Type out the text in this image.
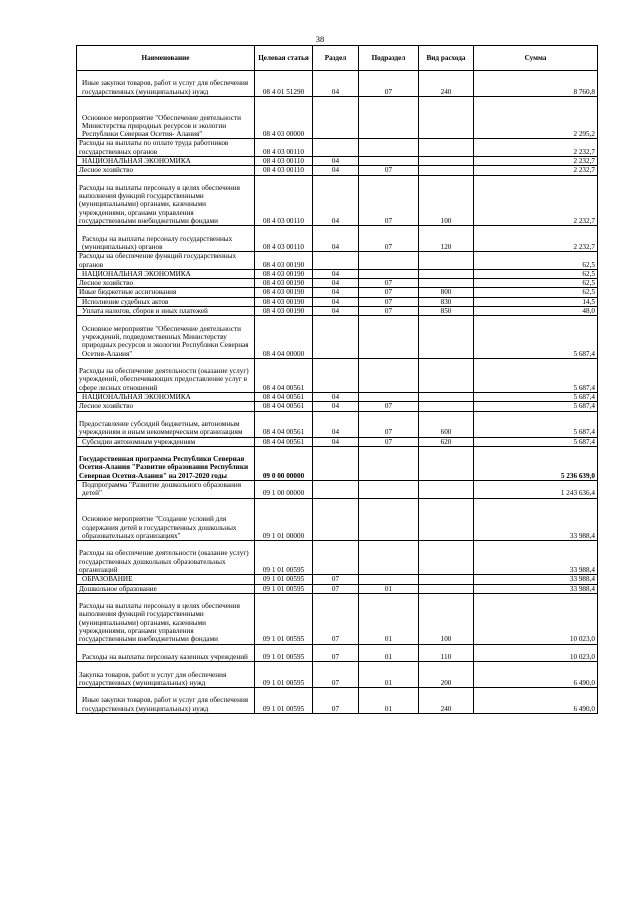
38
Наименование	Целевая статья	Раздел	Подраздел	Вид расхода	Сумма
Иные закупки товаров, работ и услуг для обеспечения государственных (муниципальных) нужд	08 4 01 51290	04	07	240	8 760,8
Основное мероприятие "Обеспечение деятельности Министерства природных ресурсов и экологии Республики Северная Осетия- Алания"	08 4 03 00000				2 295,2
Расходы на выплаты по оплате труда работников государственных органов	08 4 03 00110				2 232,7
НАЦИОНАЛЬНАЯ ЭКОНОМИКА	08 4 03 00110	04			2 232,7
Лесное хозяйство	08 4 03 00110	04	07		2 232,7
Расходы на выплаты персоналу в целях обеспечения выполнения функций государственными (муниципальными) органами, казенными учреждениями, органами управления государственными внебюджетными фондами	08 4 03 00110	04	07	100	2 232,7
Расходы на выплаты персоналу государственных (муниципальных) органов	08 4 03 00110	04	07	120	2 232,7
Расходы на обеспечение функций государственных органов	08 4 03 00190				62,5
НАЦИОНАЛЬНАЯ ЭКОНОМИКА	08 4 03 00190	04			62,5
Лесное хозяйство	08 4 03 00190	04	07		62,5
Иные бюджетные ассигнования	08 4 03 00190	04	07	800	62,5
Исполнение судебных актов	08 4 03 00190	04	07	830	14,5
Уплата налогов, сборов и иных платежей	08 4 03 00190	04	07	850	48,0
Основное мероприятие "Обеспечение деятельности учреждений, подведомственных Министерству природных ресурсов и экологии Республики Северная Осетия-Алания"	08 4 04 00000				5 687,4
Расходы на обеспечение деятельности (оказание услуг) учреждений, обеспечивающих предоставление услуг в сфере лесных отношений	08 4 04 00561				5 687,4
НАЦИОНАЛЬНАЯ ЭКОНОМИКА	08 4 04 00561	04			5 687,4
Лесное хозяйство	08 4 04 00561	04	07		5 687,4
Предоставление субсидий бюджетным, автономным учреждениям и иным некоммерческим организациям	08 4 04 00561	04	07	600	5 687,4
Субсидии автономным учреждениям	08 4 04 00561	04	07	620	5 687,4
Государственная программа Республики Северная Осетия-Алания "Развитие образования Республики Северная Осетия-Алания" на 2017-2020 годы	09 0 00 00000				5 236 639,0
Подпрограмма "Развитие дошкольного образования детей"	09 1 00 00000				1 243 636,4
Основное мероприятие "Создание условий для содержания детей в государственных дошкольных образовательных организациях"	09 1 01 00000				33 988,4
Расходы на обеспечение деятельности (оказание услуг) государственных дошкольных образовательных организаций	09 1 01 00595				33 988,4
ОБРАЗОВАНИЕ	09 1 01 00595	07			33 988,4
Дошкольное образование	09 1 01 00595	07	01		33 988,4
Расходы на выплаты персоналу в целях обеспечения выполнения функций государственными (муниципальными) органами, казенными учреждениями, органами управления государственными внебюджетными фондами	09 1 01 00595	07	01	100	10 023,0
Расходы на выплаты персоналу казенных учреждений	09 1 01 00595	07	01	110	10 023,0
Закупка товаров, работ и услуг для обеспечения государственных (муниципальных) нужд	09 1 01 00595	07	01	200	6 490,0
Иные закупки товаров, работ и услуг для обеспечения государственных (муниципальных) нужд	09 1 01 00595	07	01	240	6 490,0
